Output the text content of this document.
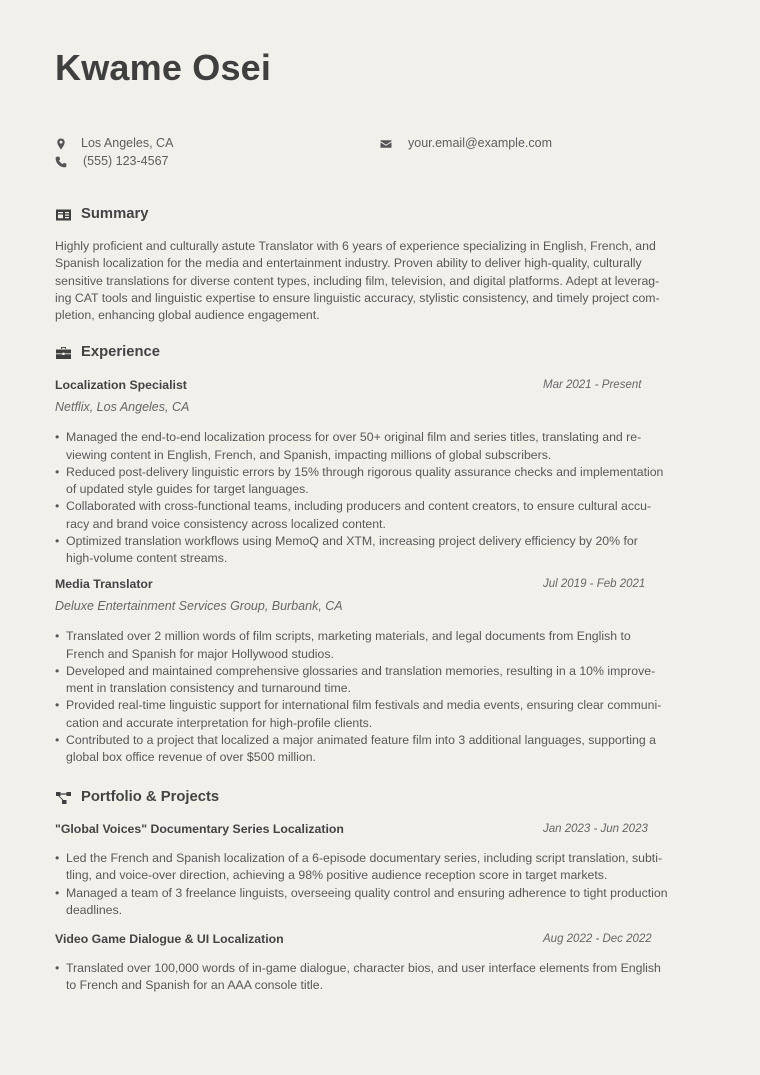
Kwame Osei
Los Angeles, CA
(555) 123-4567
your.email@example.com
Summary
Highly proficient and culturally astute Translator with 6 years of experience specializing in English, French, and
Spanish localization for the media and entertainment industry. Proven ability to deliver high-quality, culturally
sensitive translations for diverse content types, including film, television, and digital platforms. Adept at leverag-
ing CAT tools and linguistic expertise to ensure linguistic accuracy, stylistic consistency, and timely project com-
pletion, enhancing global audience engagement.
Experience
Localization Specialist	Mar 2021 - Present
Netflix, Los Angeles, CA
• Managed the end-to-end localization process for over 50+ original film and series titles, translating and re-
viewing content in English, French, and Spanish, impacting millions of global subscribers.
• Reduced post-delivery linguistic errors by 15% through rigorous quality assurance checks and implementation
of updated style guides for target languages.
• Collaborated with cross-functional teams, including producers and content creators, to ensure cultural accu-
racy and brand voice consistency across localized content.
• Optimized translation workflows using MemoQ and XTM, increasing project delivery efficiency by 20% for
high-volume content streams.
Media Translator	Jul 2019 - Feb 2021
Deluxe Entertainment Services Group, Burbank, CA
• Translated over 2 million words of film scripts, marketing materials, and legal documents from English to
French and Spanish for major Hollywood studios.
• Developed and maintained comprehensive glossaries and translation memories, resulting in a 10% improve-
ment in translation consistency and turnaround time.
• Provided real-time linguistic support for international film festivals and media events, ensuring clear communi-
cation and accurate interpretation for high-profile clients.
• Contributed to a project that localized a major animated feature film into 3 additional languages, supporting a
global box office revenue of over $500 million.
Portfolio & Projects
"Global Voices" Documentary Series Localization	Jan 2023 - Jun 2023
• Led the French and Spanish localization of a 6-episode documentary series, including script translation, subti-
tling, and voice-over direction, achieving a 98% positive audience reception score in target markets.
• Managed a team of 3 freelance linguists, overseeing quality control and ensuring adherence to tight production
deadlines.
Video Game Dialogue & UI Localization	Aug 2022 - Dec 2022
• Translated over 100,000 words of in-game dialogue, character bios, and user interface elements from English
to French and Spanish for an AAA console title.
